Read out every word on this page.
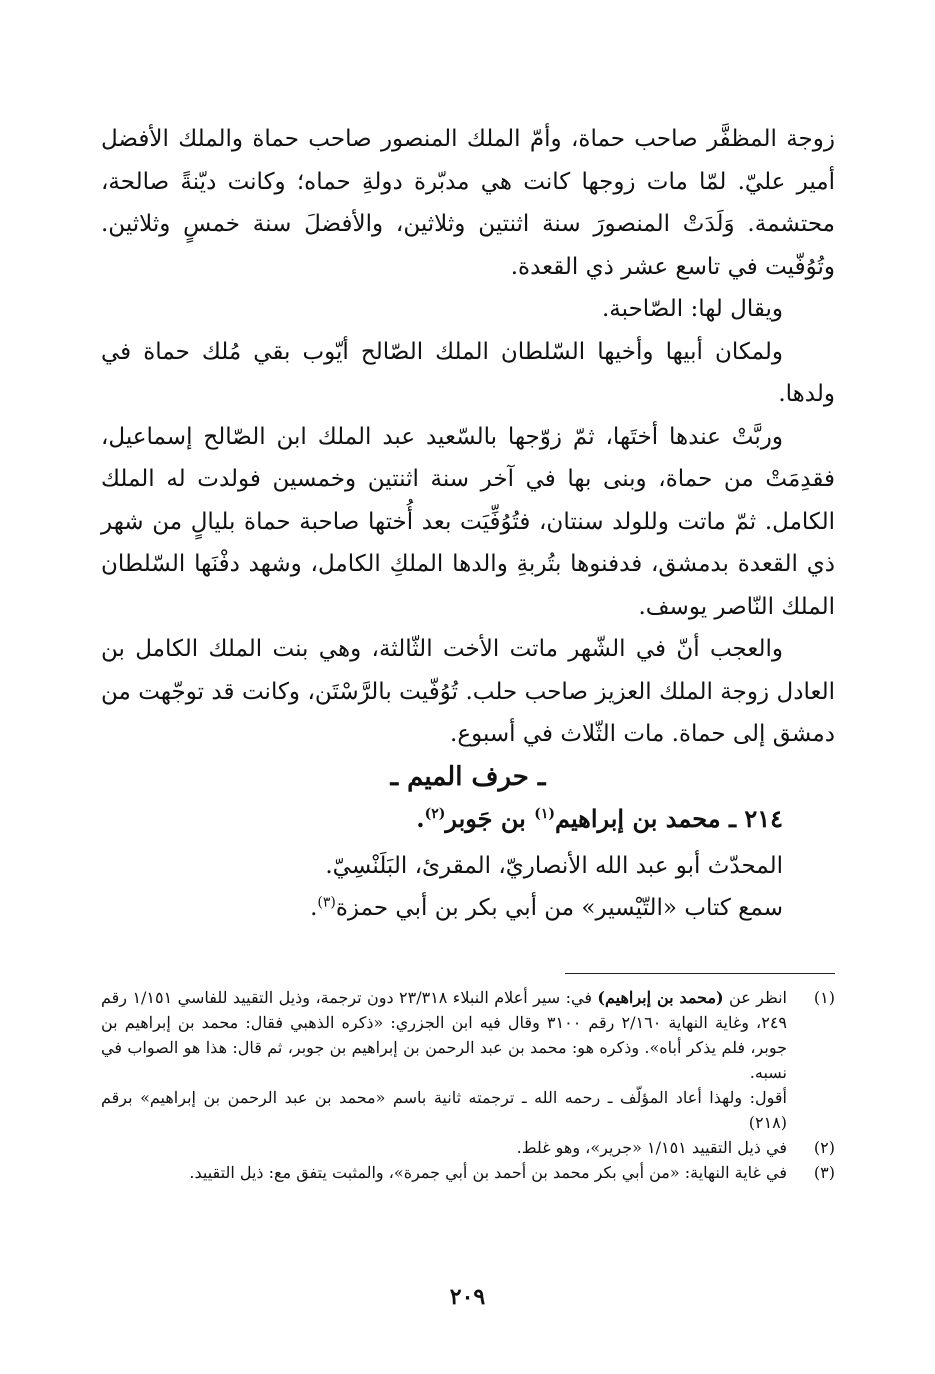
زوجة المظفَّر صاحب حماة، وأمّ الملك المنصور صاحب حماة والملك الأفضل أمير عليّ. لمّا مات زوجها كانت هي مدبّرة دولةِ حماه؛ وكانت ديّنةً صالحة، محتشمة. وَلَدَتْ المنصورَ سنة اثنتين وثلاثين، والأفضلَ سنة خمسٍ وثلاثين. وتُوُفّيت في تاسع عشر ذي القعدة.

ويقال لها: الصّاحبة.

ولمكان أبيها وأخيها السّلطان الملك الصّالح أيّوب بقي مُلك حماة في ولدها.

وربَّتْ عندها أختَها، ثمّ زوّجها بالسّعيد عبد الملك ابن الصّالح إسماعيل، فقدِمَتْ من حماة، وبنى بها في آخر سنة اثنتين وخمسين فولدت له الملك الكامل. ثمّ ماتت وللولد سنتان، فتُوُفِّيَت بعد أُختها صاحبة حماة بليالٍ من شهر ذي القعدة بدمشق، فدفنوها بتُربةِ والدها الملكِ الكامل، وشهد دفْنَها السّلطان الملك النّاصر يوسف.

والعجب أنّ في الشّهر ماتت الأخت الثّالثة، وهي بنت الملك الكامل بن العادل زوجة الملك العزيز صاحب حلب. تُوُفّيت بالرَّسْتَن، وكانت قد توجّهت من دمشق إلى حماة. مات الثّلاث في أسبوع.

ـ حرف الميم ـ

٢١٤ ـ محمد بن إبراهيم$^{(١)}$ بن جَوبر$^{(٢)}$.

المحدّث أبو عبد الله الأنصاريّ، المقرئ، البَلَنْسِيّ.

سمع كتاب «التّيْسير» من أبي بكر بن أبي حمزة$^{(٣)}$.

(١)

انظر عن (محمد بن إبراهيم) في: سير أعلام النبلاء ٢٣/٣١٨ دون ترجمة، وذيل التقييد للفاسي ١/١٥١ رقم ٢٤٩، وغاية النهاية ٢/١٦٠ رقم ٣١٠٠ وقال فيه ابن الجزري: «ذكره الذهبي فقال: محمد بن إبراهيم بن جوبر، فلم يذكر أباه». وذكره هو: محمد بن عبد الرحمن بن إبراهيم بن جوبر، ثم قال: هذا هو الصواب في نسبه.

أقول: ولهذا أعاد المؤلّف ـ رحمه الله ـ ترجمته ثانية باسم «محمد بن عبد الرحمن بن إبراهيم» برقم (٢١٨)

(٢)

في ذيل التقييد ١/١٥١ «جرير»، وهو غلط.

(٣)

في غاية النهاية: «من أبي بكر محمد بن أحمد بن أبي جمرة»، والمثبت يتفق مع: ذيل التقييد.

٢٠٩
